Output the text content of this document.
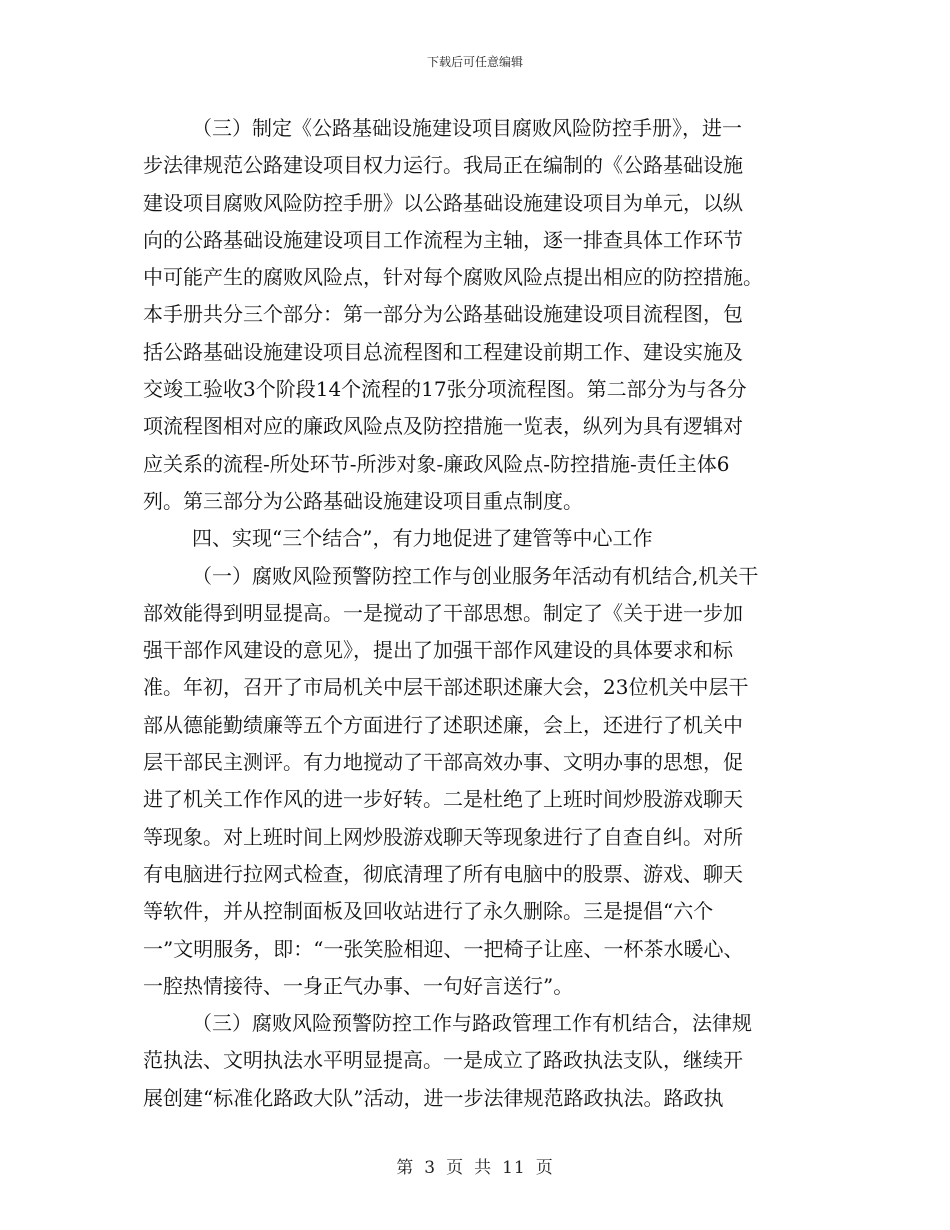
下载后可任意编辑
（三）制定《公路基础设施建设项目腐败风险防控手册》，进一
步法律规范公路建设项目权力运行。我局正在编制的《公路基础设施
建设项目腐败风险防控手册》以公路基础设施建设项目为单元，以纵
向的公路基础设施建设项目工作流程为主轴，逐一排查具体工作环节
中可能产生的腐败风险点，针对每个腐败风险点提出相应的防控措施。
本手册共分三个部分：第一部分为公路基础设施建设项目流程图，包
括公路基础设施建设项目总流程图和工程建设前期工作、建设实施及
交竣工验收3个阶段14个流程的17张分项流程图。第二部分为与各分
项流程图相对应的廉政风险点及防控措施一览表，纵列为具有逻辑对
应关系的流程-所处环节-所涉对象-廉政风险点-防控措施-责任主体6
列。第三部分为公路基础设施建设项目重点制度。
四、实现“三个结合”，有力地促进了建管等中心工作
（一）腐败风险预警防控工作与创业服务年活动有机结合,机关干
部效能得到明显提高。一是搅动了干部思想。制定了《关于进一步加
强干部作风建设的意见》，提出了加强干部作风建设的具体要求和标
准。年初，召开了市局机关中层干部述职述廉大会，23位机关中层干
部从德能勤绩廉等五个方面进行了述职述廉，会上，还进行了机关中
层干部民主测评。有力地搅动了干部高效办事、文明办事的思想，促
进了机关工作作风的进一步好转。二是杜绝了上班时间炒股游戏聊天
等现象。对上班时间上网炒股游戏聊天等现象进行了自查自纠。对所
有电脑进行拉网式检查，彻底清理了所有电脑中的股票、游戏、聊天
等软件，并从控制面板及回收站进行了永久删除。三是提倡“六个
一”文明服务，即：“一张笑脸相迎、一把椅子让座、一杯茶水暖心、
一腔热情接待、一身正气办事、一句好言送行”。
（三）腐败风险预警防控工作与路政管理工作有机结合，法律规
范执法、文明执法水平明显提高。一是成立了路政执法支队，继续开
展创建“标准化路政大队”活动，进一步法律规范路政执法。路政执
第 3 页 共 11 页
